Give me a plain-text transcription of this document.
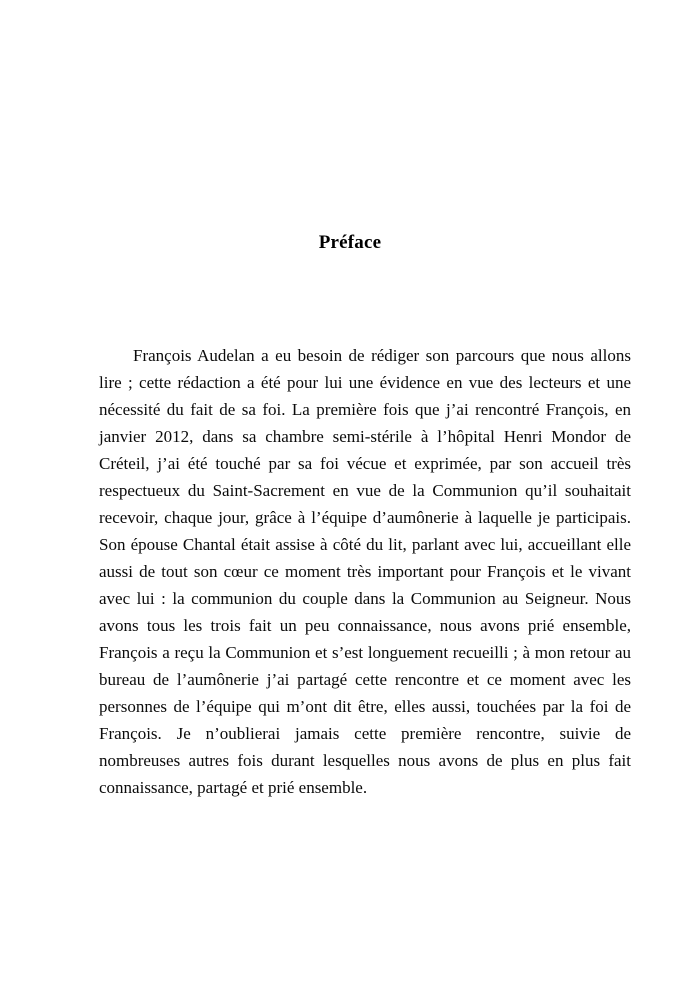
Préface

François Audelan a eu besoin de rédiger son parcours que nous allons lire ; cette rédaction a été pour lui une évidence en vue des lecteurs et une nécessité du fait de sa foi. La première fois que j’ai rencontré François, en janvier 2012, dans sa chambre semi-stérile à l’hôpital Henri Mondor de Créteil, j’ai été touché par sa foi vécue et exprimée, par son accueil très respectueux du Saint-Sacrement en vue de la Communion qu’il souhaitait recevoir, chaque jour, grâce à l’équipe d’aumônerie à laquelle je participais. Son épouse Chantal était assise à côté du lit, parlant avec lui, accueillant elle aussi de tout son cœur ce moment très important pour François et le vivant avec lui : la communion du couple dans la Communion au Seigneur. Nous avons tous les trois fait un peu connaissance, nous avons prié ensemble, François a reçu la Communion et s’est longuement recueilli ; à mon retour au bureau de l’aumônerie j’ai partagé cette rencontre et ce moment avec les personnes de l’équipe qui m’ont dit être, elles aussi, touchées par la foi de François. Je n’oublierai jamais cette première rencontre, suivie de nombreuses autres fois durant lesquelles nous avons de plus en plus fait connaissance, partagé et prié ensemble.
